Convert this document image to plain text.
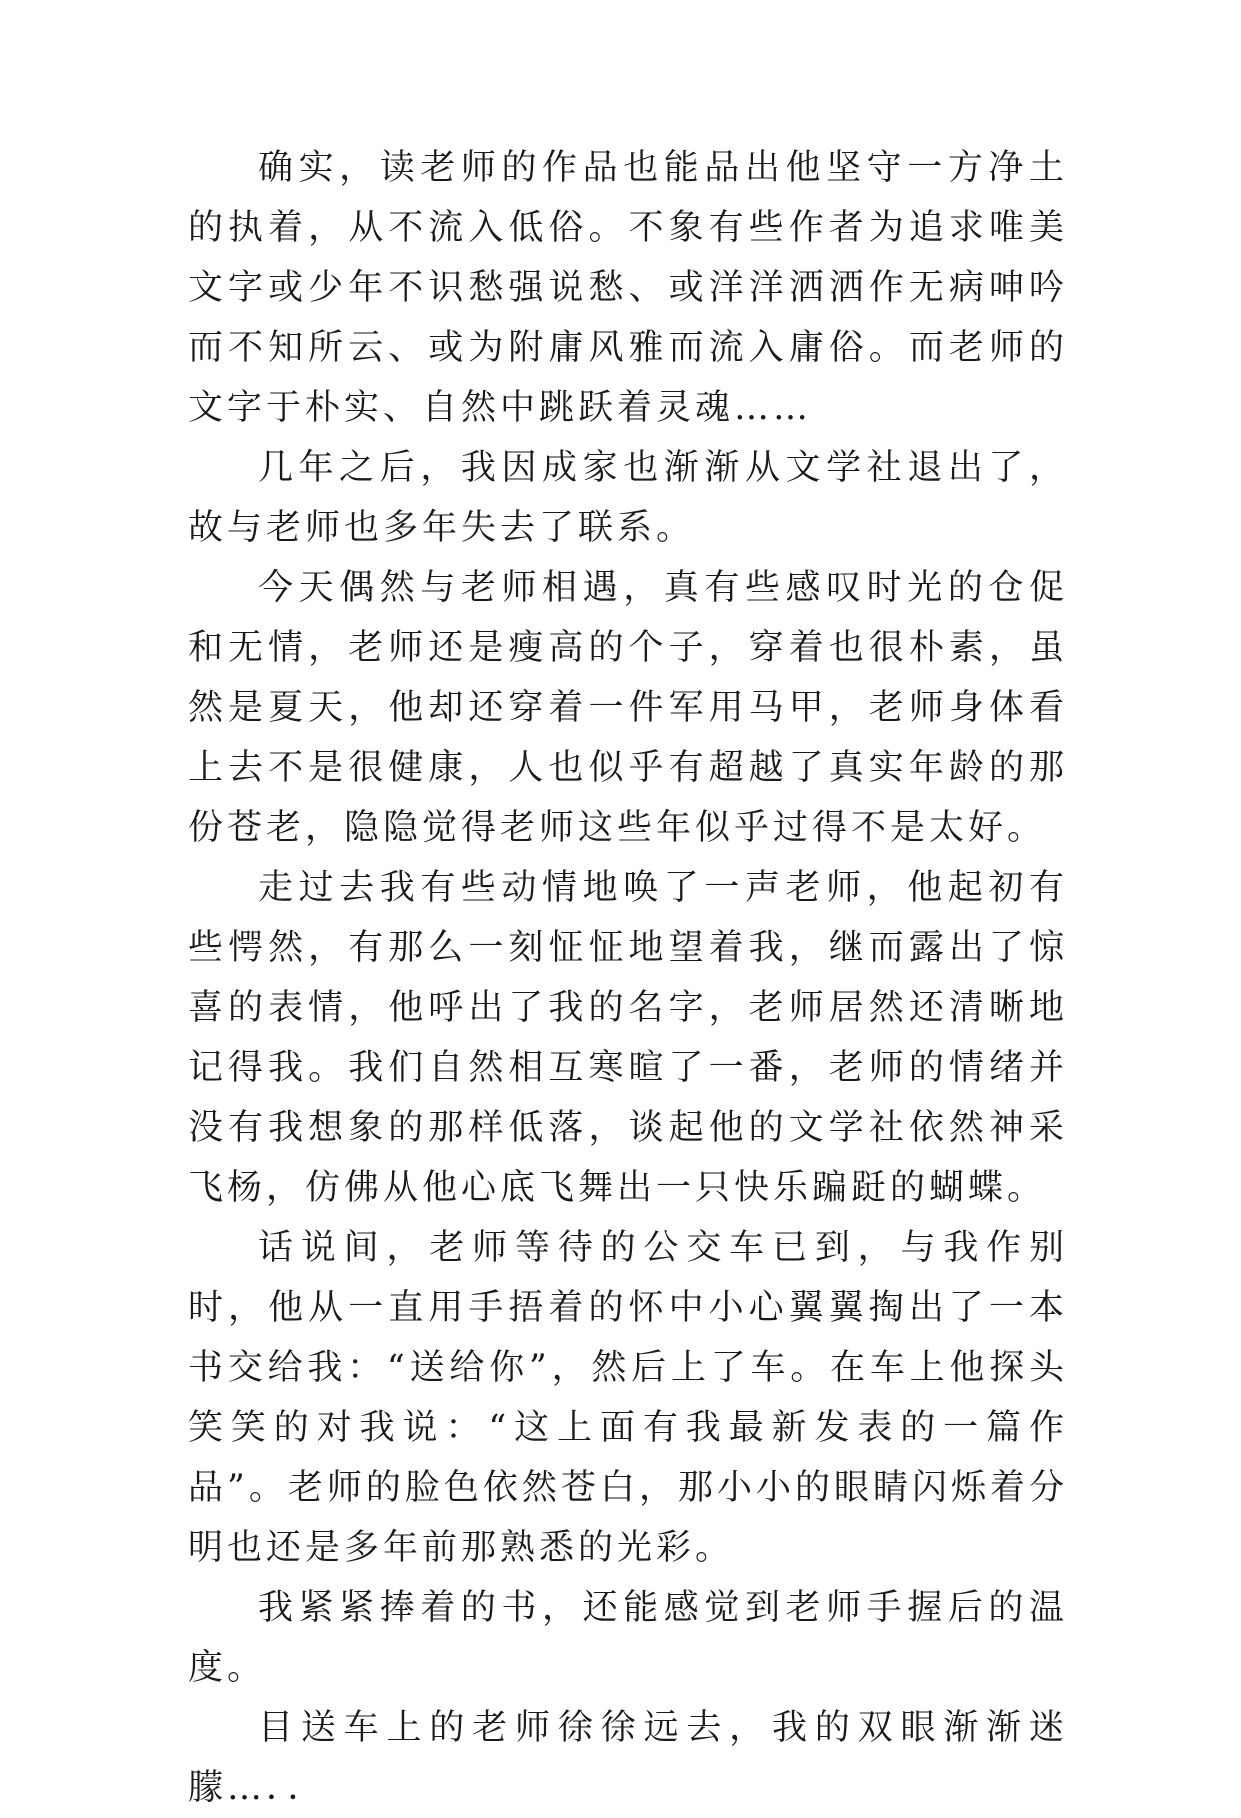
确实，读老师的作品也能品出他坚守一方净土的执着，从不流入低俗。不象有些作者为追求唯美文字或少年不识愁强说愁、或洋洋洒洒作无病呻吟而不知所云、或为附庸风雅而流入庸俗。而老师的文字于朴实、自然中跳跃着灵魂……

几年之后，我因成家也渐渐从文学社退出了，故与老师也多年失去了联系。

今天偶然与老师相遇，真有些感叹时光的仓促和无情，老师还是瘦高的个子，穿着也很朴素，虽然是夏天，他却还穿着一件军用马甲，老师身体看上去不是很健康，人也似乎有超越了真实年龄的那份苍老，隐隐觉得老师这些年似乎过得不是太好。

走过去我有些动情地唤了一声老师，他起初有些愕然，有那么一刻怔怔地望着我，继而露出了惊喜的表情，他呼出了我的名字，老师居然还清晰地记得我。我们自然相互寒暄了一番，老师的情绪并没有我想象的那样低落，谈起他的文学社依然神采飞杨，仿佛从他心底飞舞出一只快乐蹁跹的蝴蝶。

话说间，老师等待的公交车已到，与我作别时，他从一直用手捂着的怀中小心翼翼掏出了一本书交给我：“送给你”，然后上了车。在车上他探头笑笑的对我说：“这上面有我最新发表的一篇作品”。老师的脸色依然苍白，那小小的眼睛闪烁着分明也还是多年前那熟悉的光彩。

我紧紧捧着的书，还能感觉到老师手握后的温度。

目送车上的老师徐徐远去，我的双眼渐渐迷朦…．．
